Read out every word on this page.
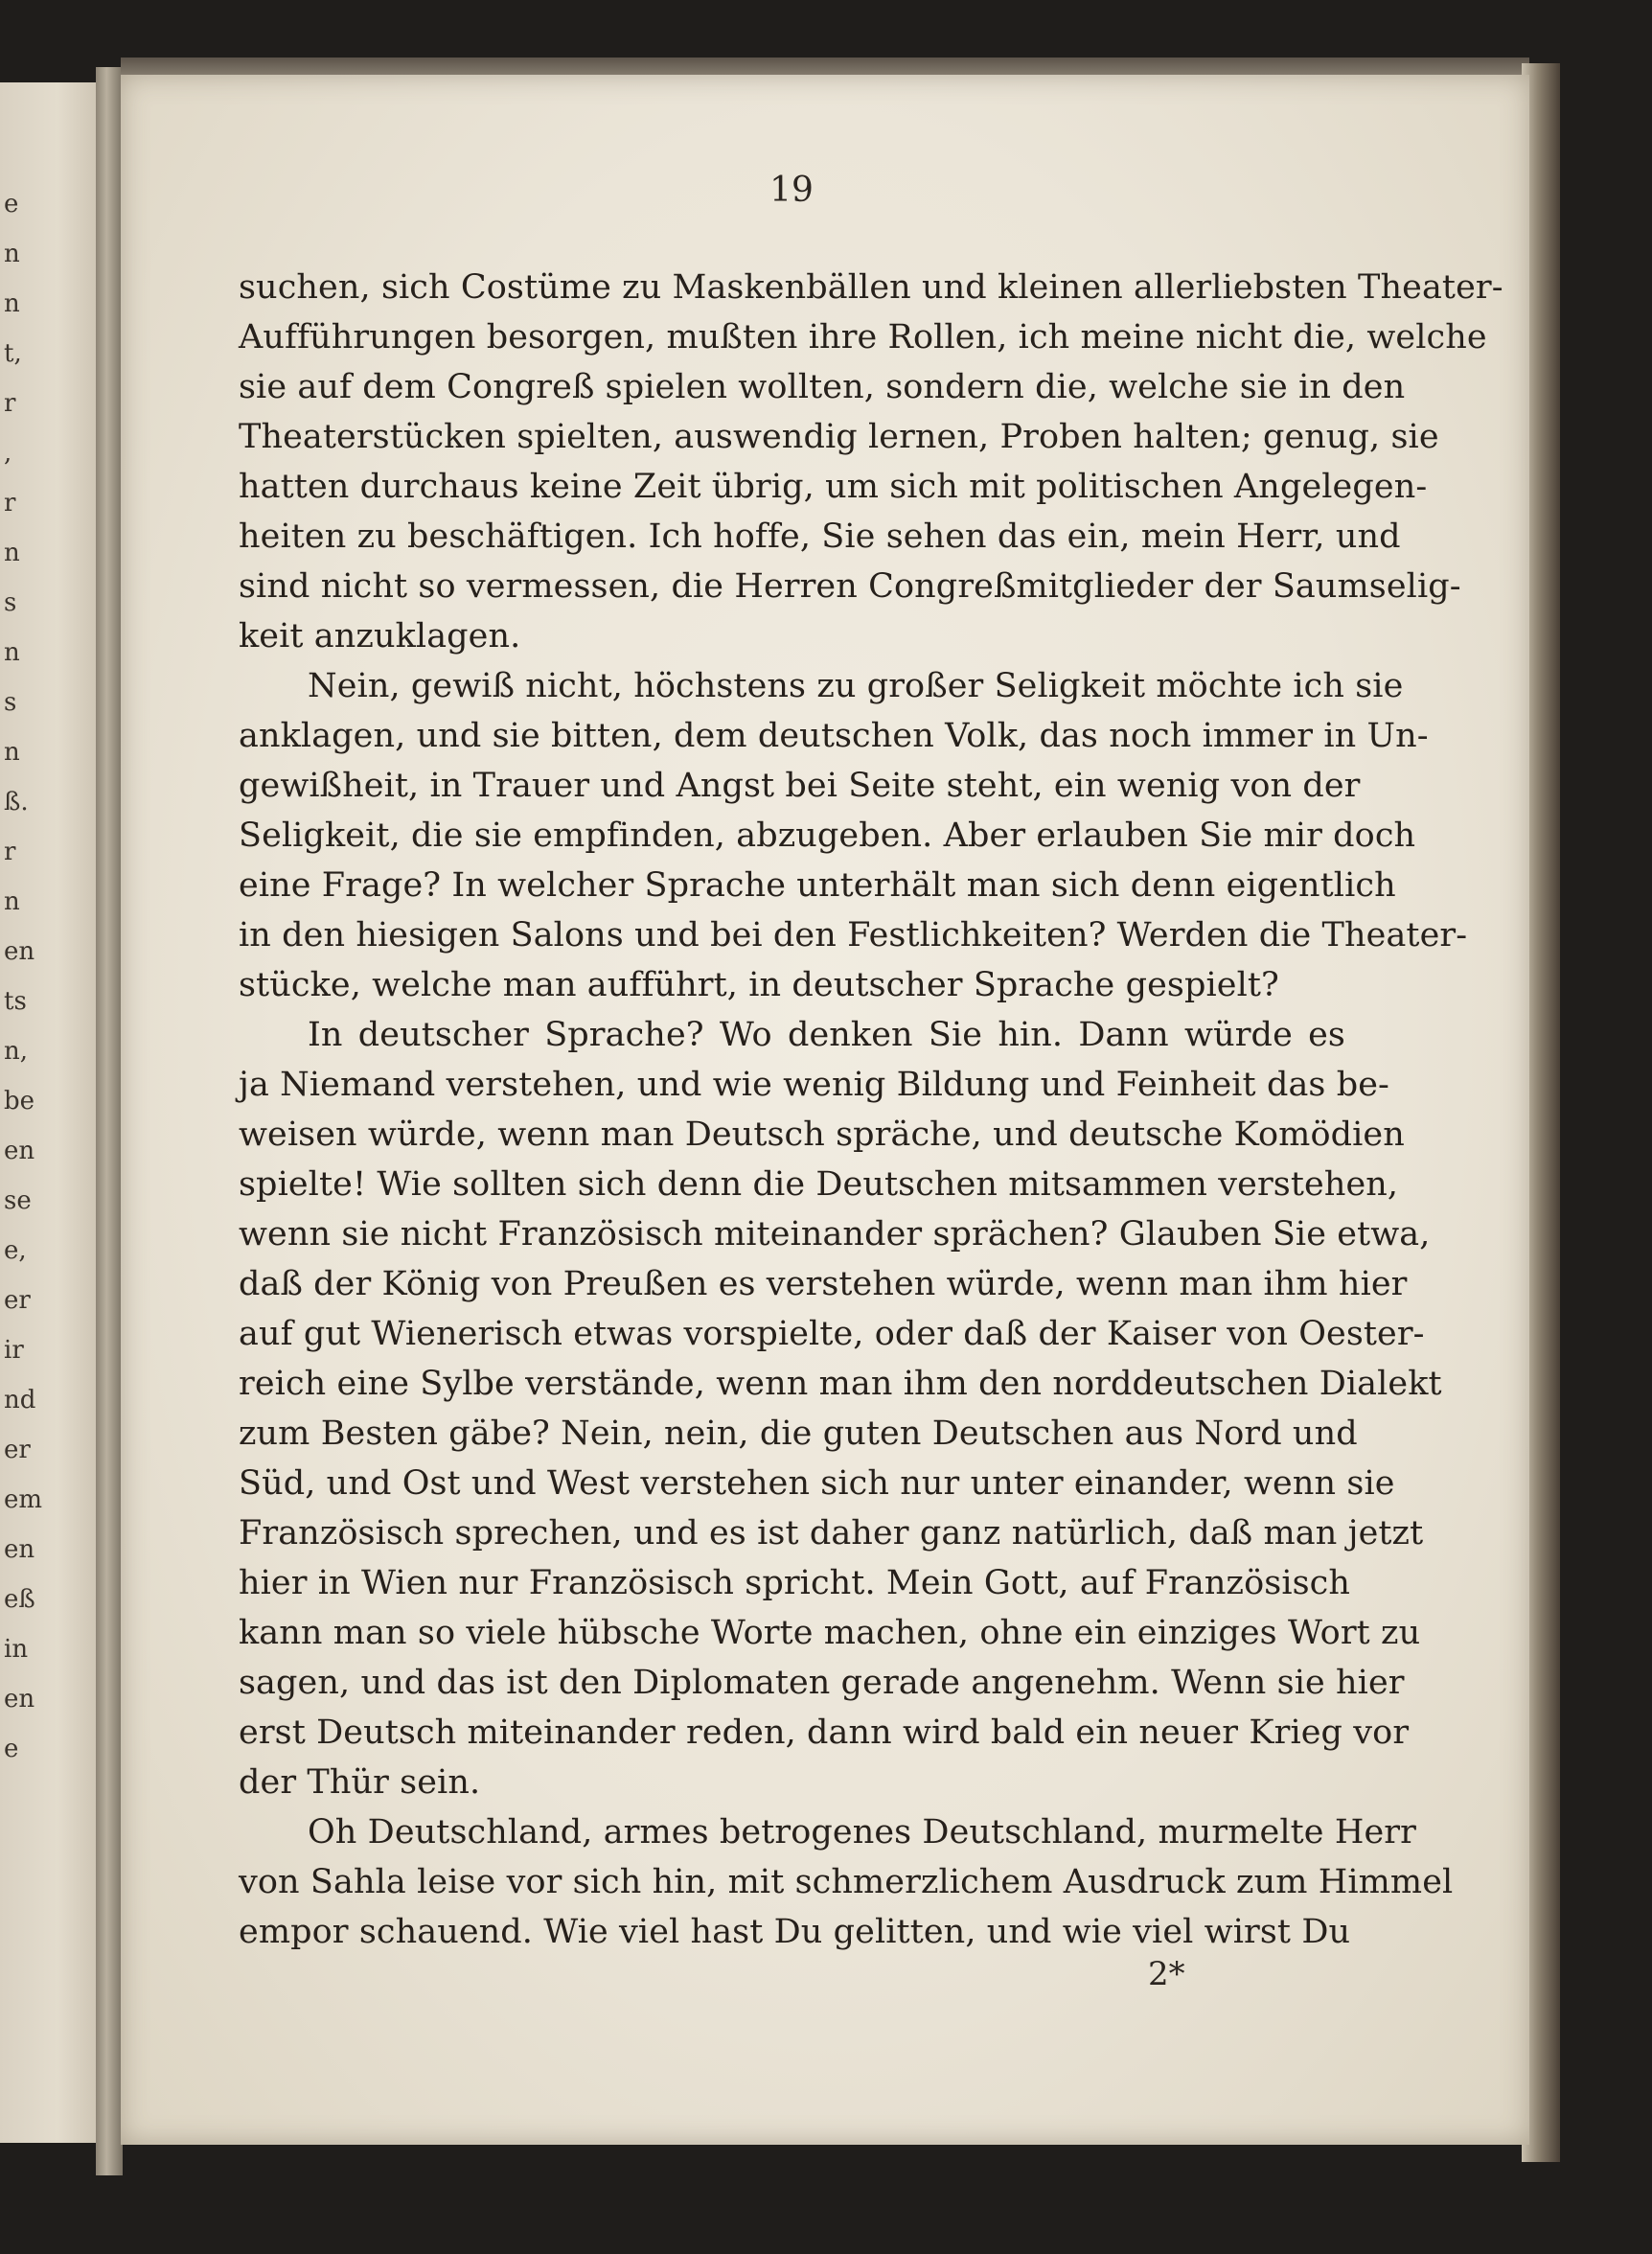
e
n
n
t,
r
,
r
n
s
n
s
n
ß.
r
n
en
ts
n,
be
en
se
e,
er
ir
nd
er
em
en
eß
in
en
e
19
suchen, sich Costüme zu Maskenbällen und kleinen allerliebsten Theater-
Aufführungen besorgen, mußten ihre Rollen, ich meine nicht die, welche
sie auf dem Congreß spielen wollten, sondern die, welche sie in den
Theaterstücken spielten, auswendig lernen, Proben halten; genug, sie
hatten durchaus keine Zeit übrig, um sich mit politischen Angelegen-
heiten zu beschäftigen. Ich hoffe, Sie sehen das ein, mein Herr, und
sind nicht so vermessen, die Herren Congreßmitglieder der Saumselig-
keit anzuklagen.
Nein, gewiß nicht, höchstens zu großer Seligkeit möchte ich sie
anklagen, und sie bitten, dem deutschen Volk, das noch immer in Un-
gewißheit, in Trauer und Angst bei Seite steht, ein wenig von der
Seligkeit, die sie empfinden, abzugeben. Aber erlauben Sie mir doch
eine Frage? In welcher Sprache unterhält man sich denn eigentlich
in den hiesigen Salons und bei den Festlichkeiten? Werden die Theater-
stücke, welche man aufführt, in deutscher Sprache gespielt?
In deutscher Sprache? Wo denken Sie hin. Dann würde es
ja Niemand verstehen, und wie wenig Bildung und Feinheit das be-
weisen würde, wenn man Deutsch spräche, und deutsche Komödien
spielte! Wie sollten sich denn die Deutschen mitsammen verstehen,
wenn sie nicht Französisch miteinander sprächen? Glauben Sie etwa,
daß der König von Preußen es verstehen würde, wenn man ihm hier
auf gut Wienerisch etwas vorspielte, oder daß der Kaiser von Oester-
reich eine Sylbe verstände, wenn man ihm den norddeutschen Dialekt
zum Besten gäbe? Nein, nein, die guten Deutschen aus Nord und
Süd, und Ost und West verstehen sich nur unter einander, wenn sie
Französisch sprechen, und es ist daher ganz natürlich, daß man jetzt
hier in Wien nur Französisch spricht. Mein Gott, auf Französisch
kann man so viele hübsche Worte machen, ohne ein einziges Wort zu
sagen, und das ist den Diplomaten gerade angenehm. Wenn sie hier
erst Deutsch miteinander reden, dann wird bald ein neuer Krieg vor
der Thür sein.
Oh Deutschland, armes betrogenes Deutschland, murmelte Herr
von Sahla leise vor sich hin, mit schmerzlichem Ausdruck zum Himmel
empor schauend. Wie viel hast Du gelitten, und wie viel wirst Du
2*
